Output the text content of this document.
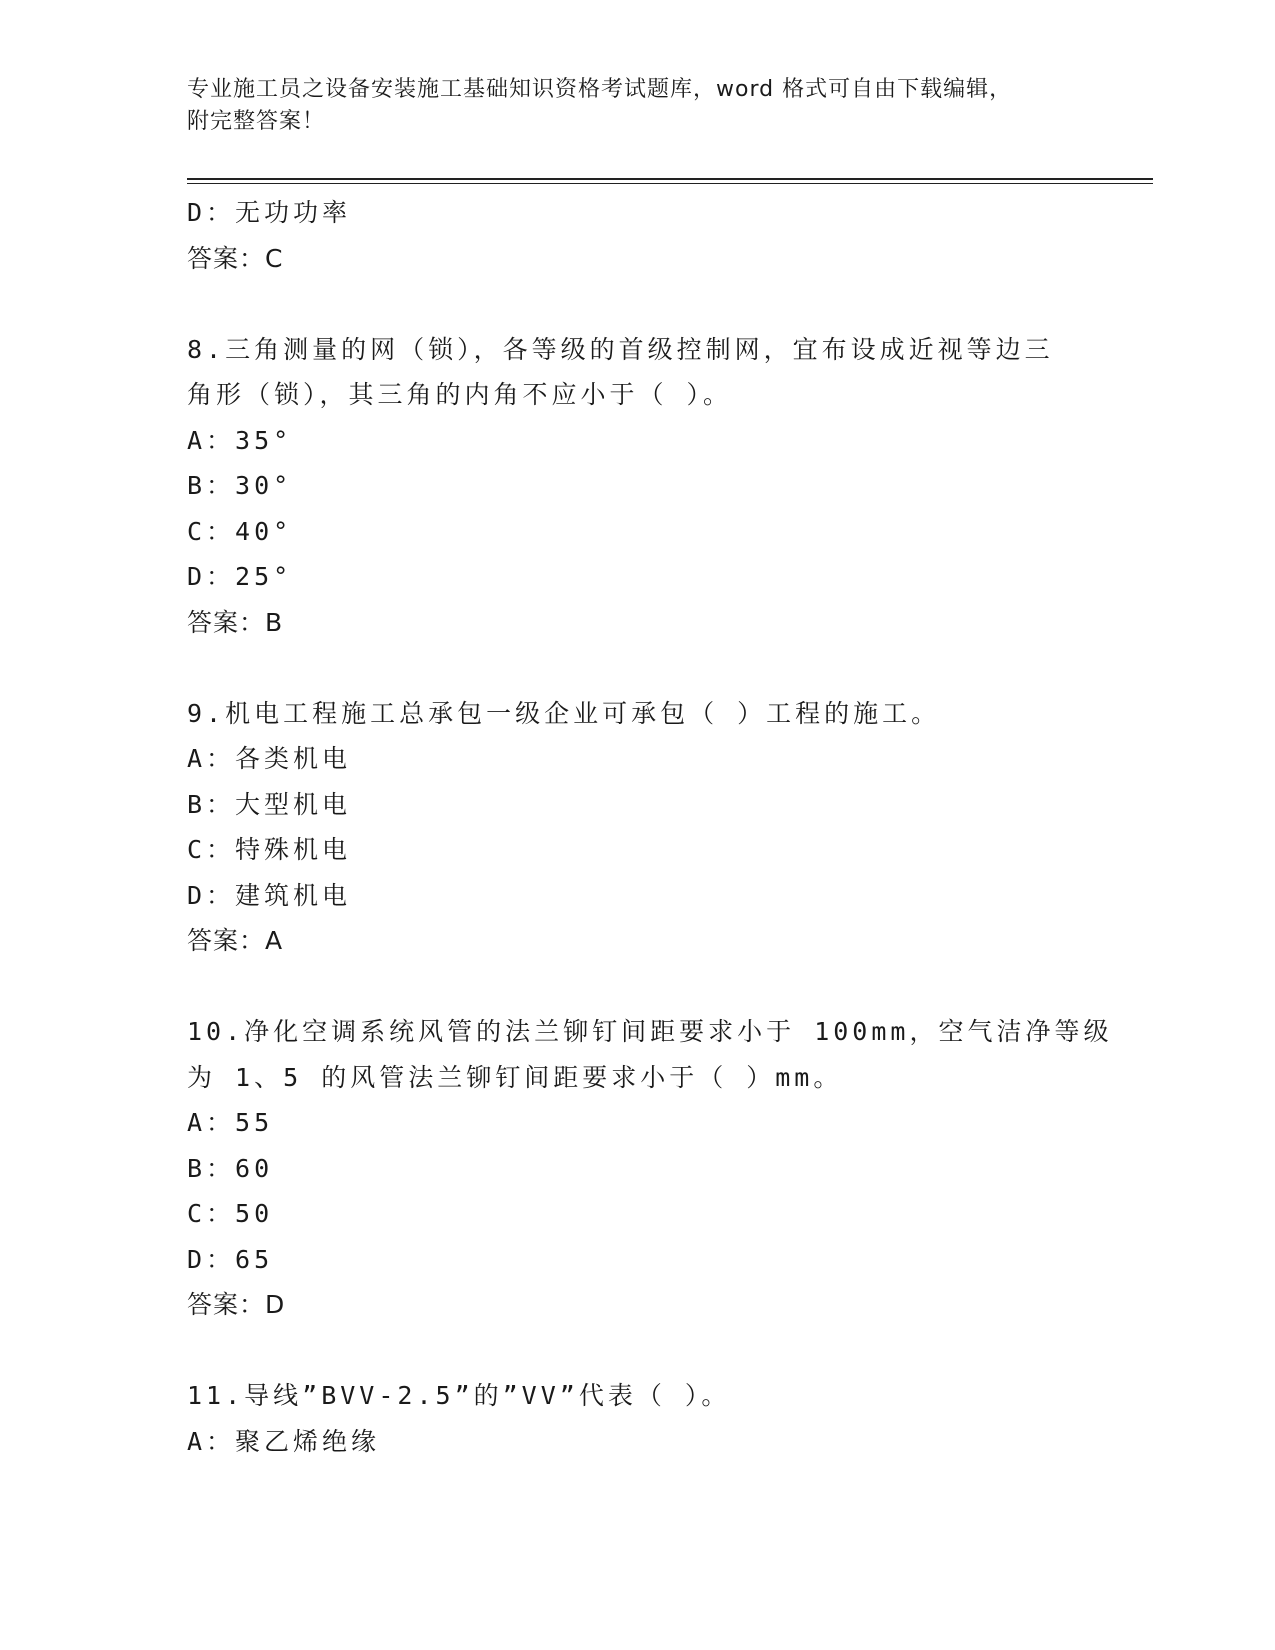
专业施工员之设备安装施工基础知识资格考试题库，word 格式可自由下载编辑，
附完整答案！
D：无功功率
答案：C
8.三角测量的网（锁），各等级的首级控制网，宜布设成近视等边三
角形（锁），其三角的内角不应小于（ ）。
A：35°
B：30°
C：40°
D：25°
答案：B
9.机电工程施工总承包一级企业可承包（ ）工程的施工。
A：各类机电
B：大型机电
C：特殊机电
D：建筑机电
答案：A
10.净化空调系统风管的法兰铆钉间距要求小于 100mm，空气洁净等级
为 1、5 的风管法兰铆钉间距要求小于（ ）mm。
A：55
B：60
C：50
D：65
答案：D
11.导线”BVV-2.5”的”VV”代表（ ）。
A：聚乙烯绝缘
